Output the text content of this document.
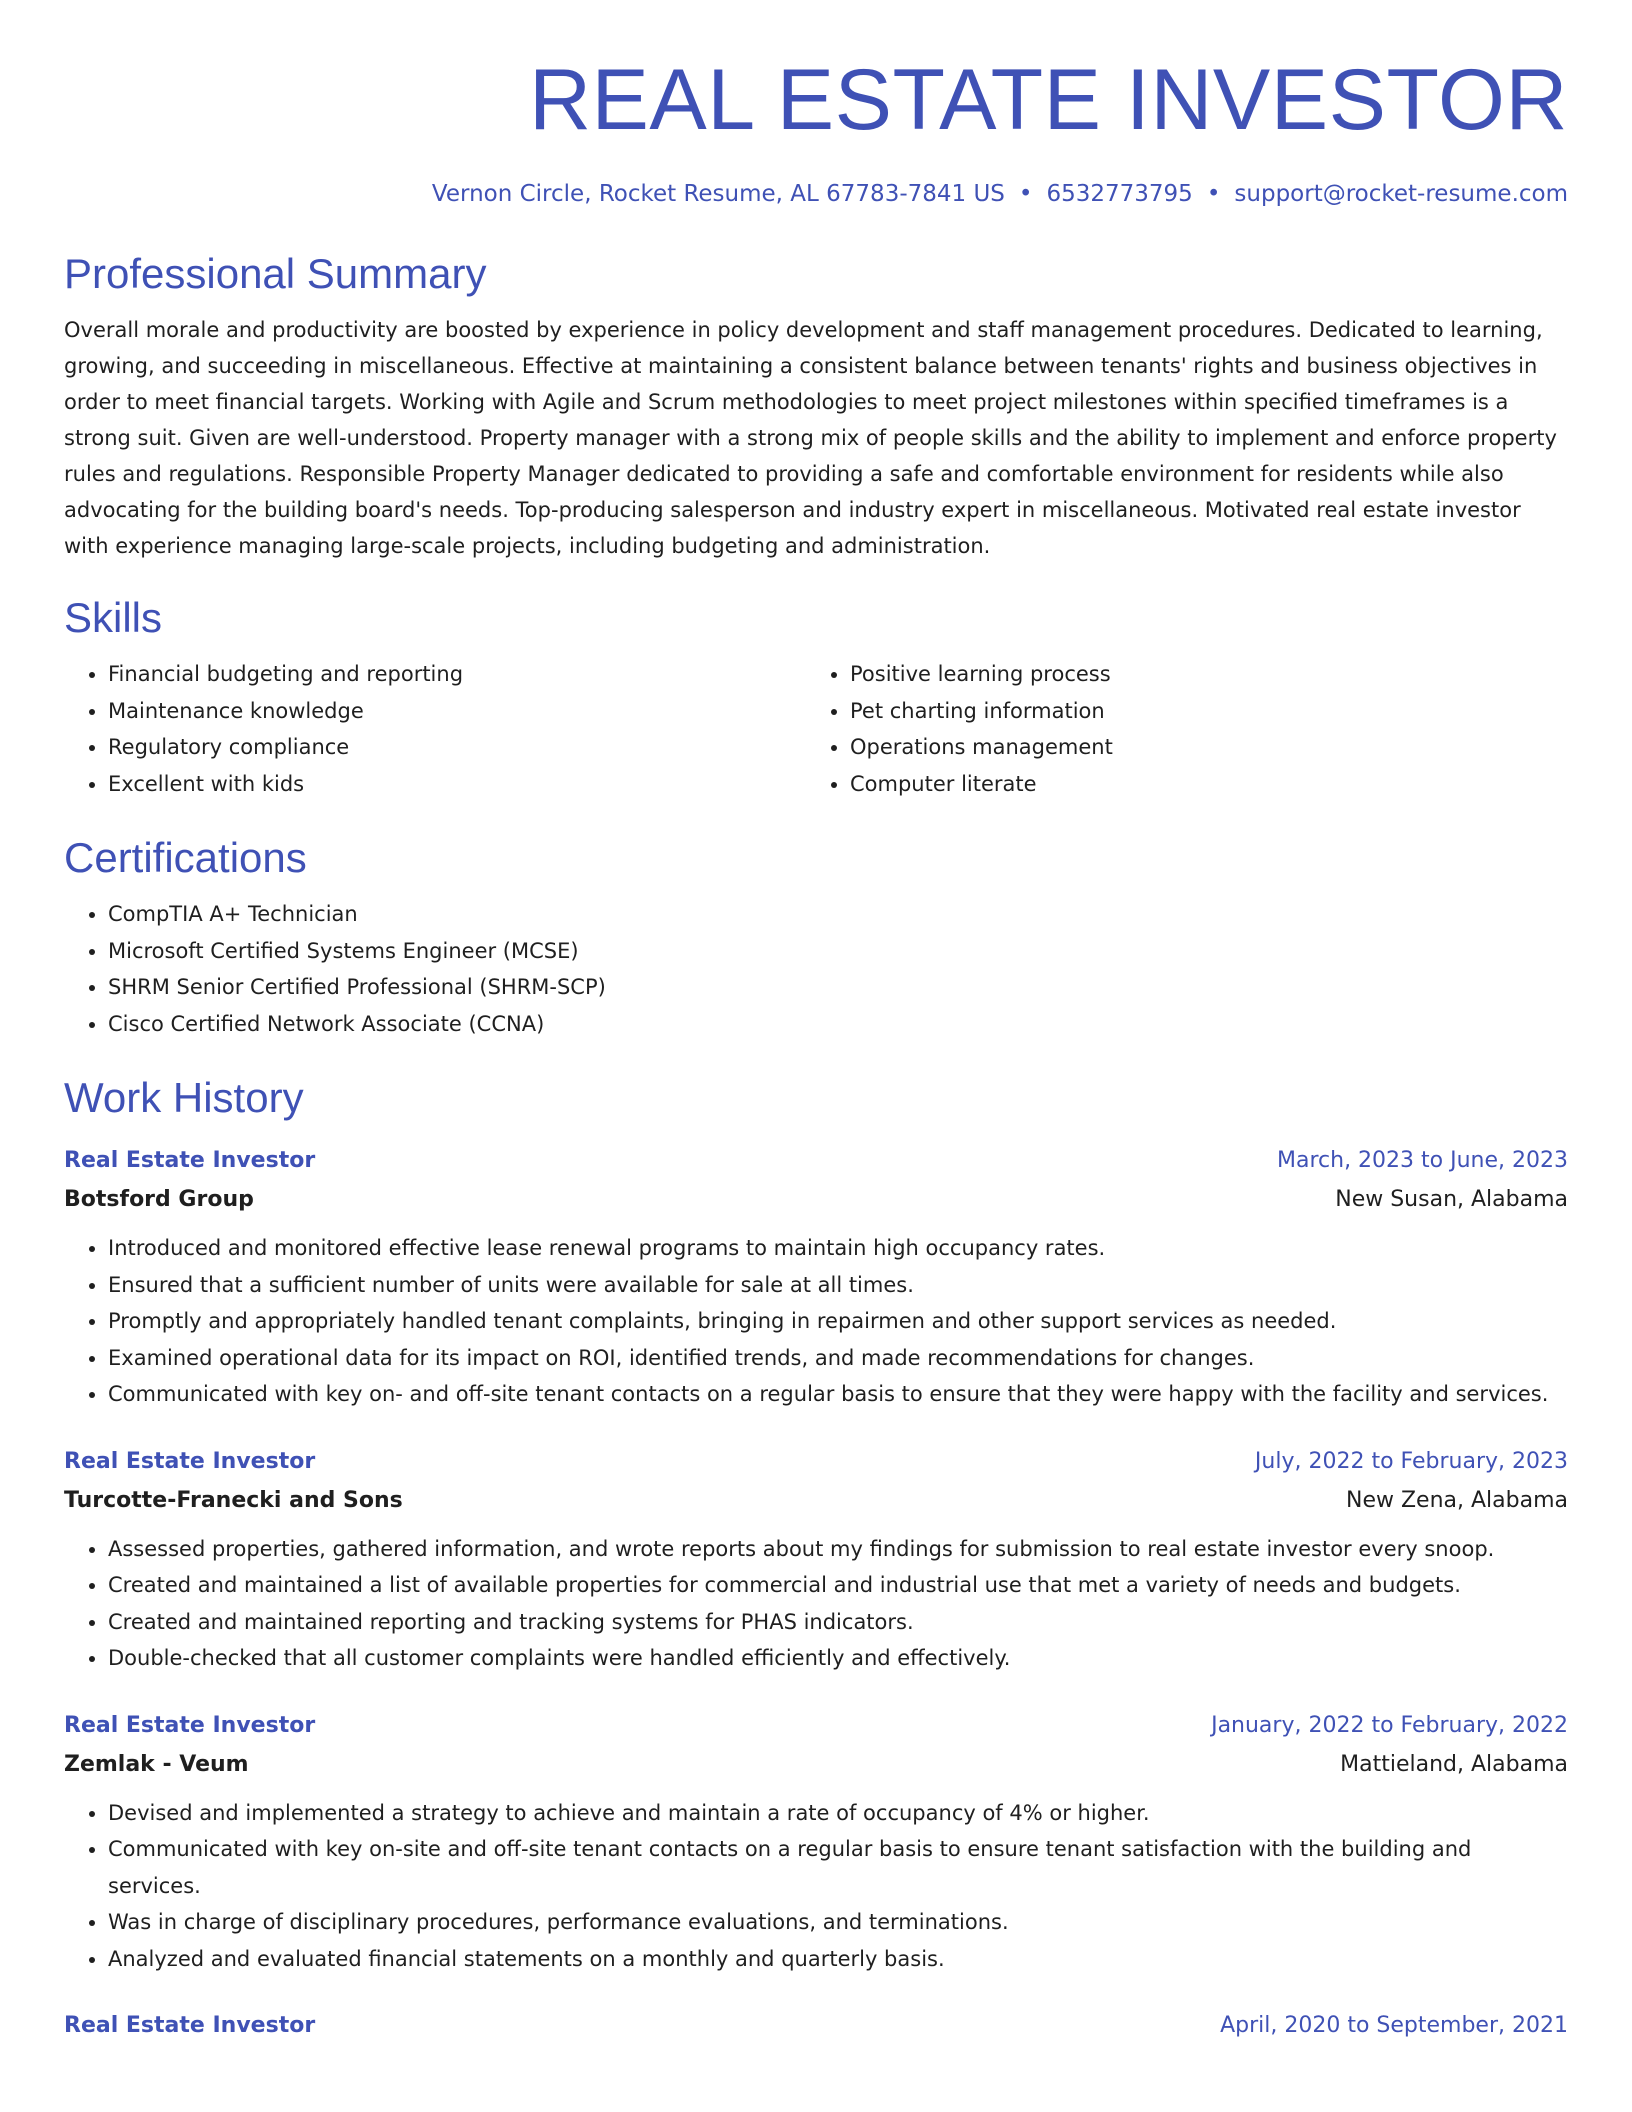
REAL ESTATE INVESTOR
Vernon Circle, Rocket Resume, AL 67783-7841 US • 6532773795 • support@rocket-resume.com
Professional Summary

Overall morale and productivity are boosted by experience in policy development and staff management procedures. Dedicated to learning, growing, and succeeding in miscellaneous. Effective at maintaining a consistent balance between tenants' rights and business objectives in order to meet financial targets. Working with Agile and Scrum methodologies to meet project milestones within specified timeframes is a strong suit. Given are well-understood. Property manager with a strong mix of people skills and the ability to implement and enforce property rules and regulations. Responsible Property Manager dedicated to providing a safe and comfortable environment for residents while also advocating for the building board's needs. Top-producing salesperson and industry expert in miscellaneous. Motivated real estate investor with experience managing large-scale projects, including budgeting and administration.

Skills
• Financial budgeting and reporting
• Maintenance knowledge
• Regulatory compliance
• Excellent with kids
• Positive learning process
• Pet charting information
• Operations management
• Computer literate
Certifications
• CompTIA A+ Technician
• Microsoft Certified Systems Engineer (MCSE)
• SHRM Senior Certified Professional (SHRM-SCP)
• Cisco Certified Network Associate (CCNA)
Work History
Real Estate Investor	March, 2023 to June, 2023
Botsford Group	New Susan, Alabama
• Introduced and monitored effective lease renewal programs to maintain high occupancy rates.
• Ensured that a sufficient number of units were available for sale at all times.
• Promptly and appropriately handled tenant complaints, bringing in repairmen and other support services as needed.
• Examined operational data for its impact on ROI, identified trends, and made recommendations for changes.
• Communicated with key on- and off-site tenant contacts on a regular basis to ensure that they were happy with the facility and services.
Real Estate Investor	July, 2022 to February, 2023
Turcotte-Franecki and Sons	New Zena, Alabama
• Assessed properties, gathered information, and wrote reports about my findings for submission to real estate investor every snoop.
• Created and maintained a list of available properties for commercial and industrial use that met a variety of needs and budgets.
• Created and maintained reporting and tracking systems for PHAS indicators.
• Double-checked that all customer complaints were handled efficiently and effectively.
Real Estate Investor	January, 2022 to February, 2022
Zemlak - Veum	Mattieland, Alabama
• Devised and implemented a strategy to achieve and maintain a rate of occupancy of 4% or higher.
• Communicated with key on-site and off-site tenant contacts on a regular basis to ensure tenant satisfaction with the building and services.
• Was in charge of disciplinary procedures, performance evaluations, and terminations.
• Analyzed and evaluated financial statements on a monthly and quarterly basis.
Real Estate Investor	April, 2020 to September, 2021
